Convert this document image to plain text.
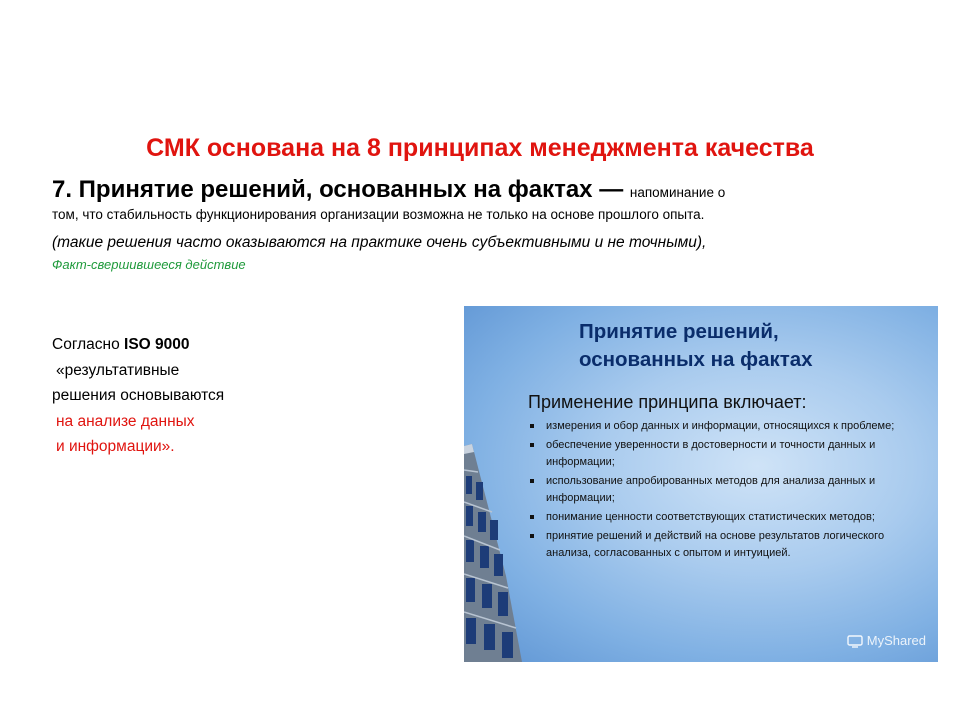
СМК основана на 8 принципах менеджмента качества
7. Принятие решений, основанных на фактах — напоминание о
том, что стабильность функционирования организации возможна не только на основе прошлого опыта.
(такие решения часто оказываются на практике очень субъективными и не точными),
Факт-свершившееся действие
Согласно ISO 9000
«результативные
решения основываются
на анализе данных
и информации».
Принятие решений,
основанных на фактах
Применение принципа включает:
измерения и обор данных и информации, относящихся к проблеме;
обеспечение уверенности в достоверности и точности данных и информации;
использование апробированных методов для анализа данных и информации;
понимание ценности соответствующих статистических методов;
принятие решений и действий на основе результатов логического анализа, согласованных с опытом и интуицией.
MyShared
